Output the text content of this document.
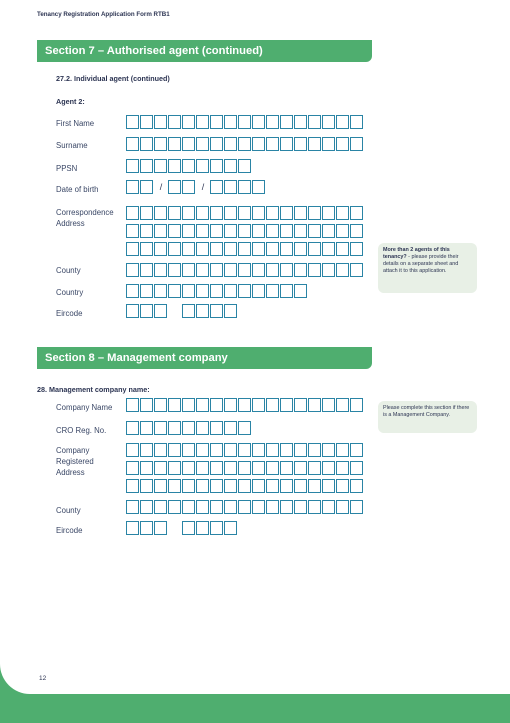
Tenancy Registration Application Form RTB1
Section 7 – Authorised agent (continued)
27.2. Individual agent (continued)
Agent 2:
First Name
Surname
PPSN
Date of birth	/	/
Correspondence
Address
County
Country
Eircode
More than 2 agents of this tenancy? - please provide their details on a separate sheet and attach it to this application.
Section 8 – Management company
28. Management company name:
Company Name
CRO Reg. No.
Company
Registered
Address
County
Eircode
Please complete this section if there is a Management Company.
12
